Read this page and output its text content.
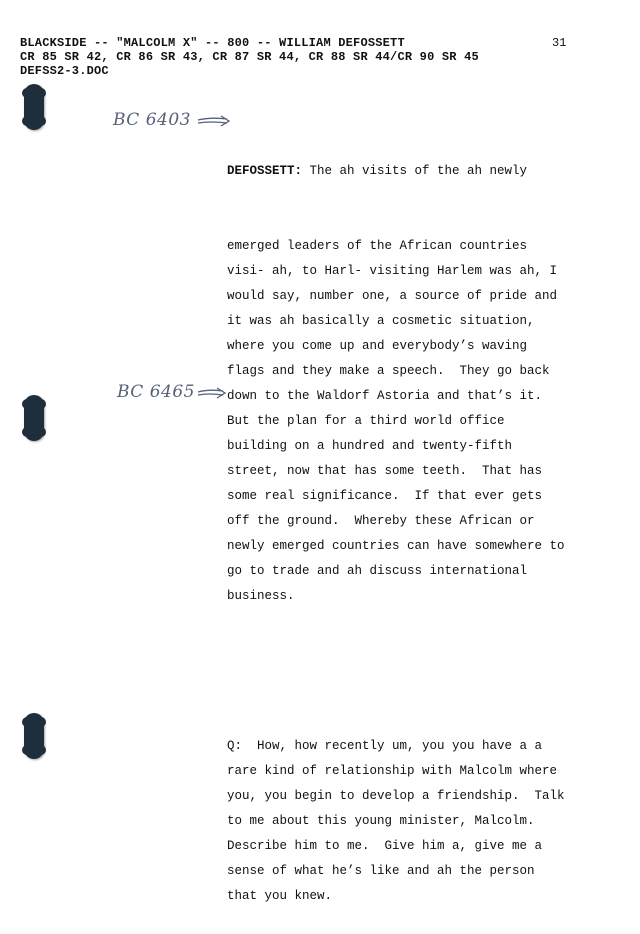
BLACKSIDE -- "MALCOLM X" -- 800 -- WILLIAM DEFOSSETT
CR 85 SR 42, CR 86 SR 43, CR 87 SR 44, CR 88 SR 44/CR 90 SR 45
DEFSS2-3.DOC
31
BC 6403
BC 6465

DEFOSSETT: The ah visits of the ah newly

emerged leaders of the African countries
visi- ah, to Harl- visiting Harlem was ah, I
would say, number one, a source of pride and
it was ah basically a cosmetic situation,
where you come up and everybody’s waving
flags and they make a speech.  They go back
down to the Waldorf Astoria and that’s it.
But the plan for a third world office
building on a hundred and twenty-fifth
street, now that has some teeth.  That has
some real significance.  If that ever gets
off the ground.  Whereby these African or
newly emerged countries can have somewhere to
go to trade and ah discuss international
business.

Q:  How, how recently um, you you have a a
rare kind of relationship with Malcolm where
you, you begin to develop a friendship.  Talk
to me about this young minister, Malcolm.
Describe him to me.  Give him a, give me a
sense of what he’s like and ah the person
that you knew.
